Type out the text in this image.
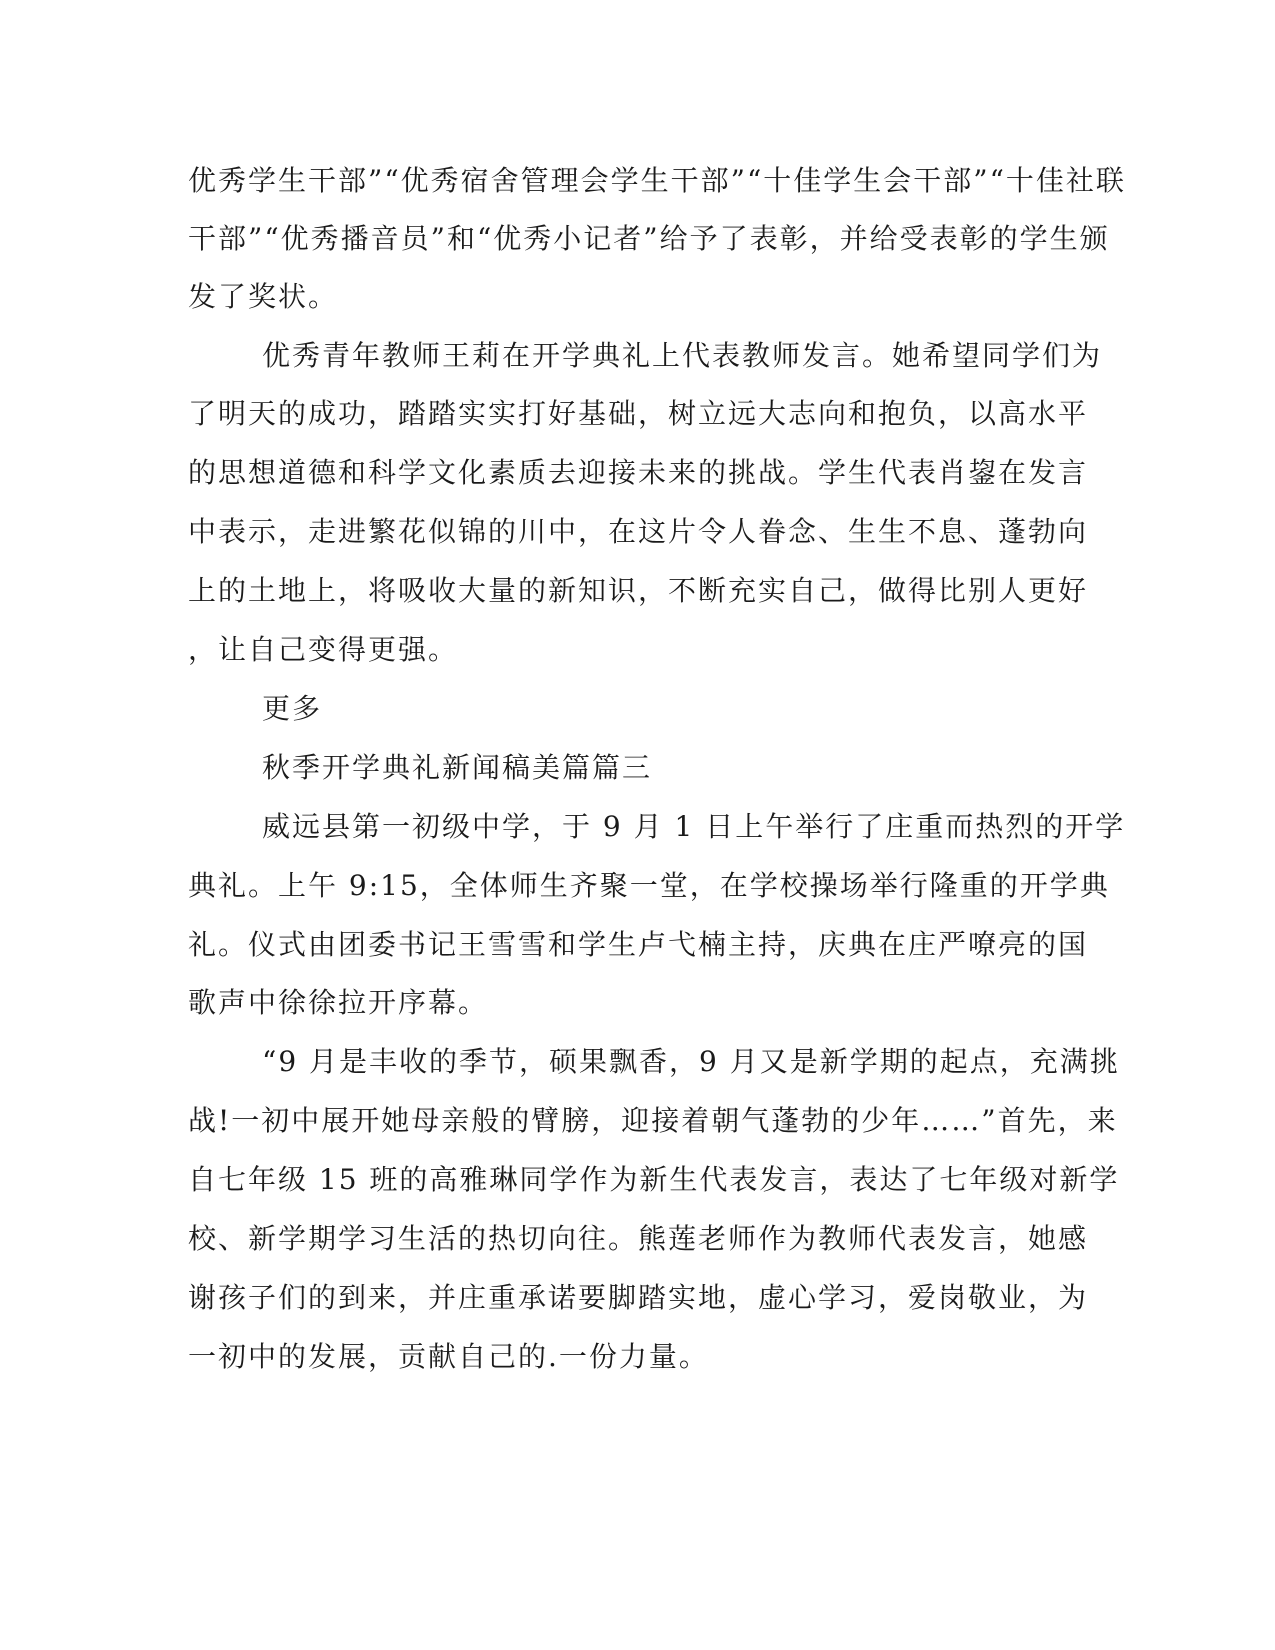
优秀学生干部”“优秀宿舍管理会学生干部”“十佳学生会干部”“十佳社联
干部”“优秀播音员”和“优秀小记者”给予了表彰，并给受表彰的学生颁
发了奖状。
优秀青年教师王莉在开学典礼上代表教师发言。她希望同学们为
了明天的成功，踏踏实实打好基础，树立远大志向和抱负，以高水平
的思想道德和科学文化素质去迎接未来的挑战。学生代表肖鋆在发言
中表示，走进繁花似锦的川中，在这片令人眷念、生生不息、蓬勃向
上的土地上，将吸收大量的新知识，不断充实自己，做得比别人更好
，让自己变得更强。
更多
秋季开学典礼新闻稿美篇篇三
威远县第一初级中学，于 9 月 1 日上午举行了庄重而热烈的开学
典礼。上午 9:15，全体师生齐聚一堂，在学校操场举行隆重的开学典
礼。仪式由团委书记王雪雪和学生卢弋楠主持，庆典在庄严嘹亮的国
歌声中徐徐拉开序幕。
“9 月是丰收的季节，硕果飘香，9 月又是新学期的起点，充满挑
战!一初中展开她母亲般的臂膀，迎接着朝气蓬勃的少年……”首先，来
自七年级 15 班的高雅琳同学作为新生代表发言，表达了七年级对新学
校、新学期学习生活的热切向往。熊莲老师作为教师代表发言，她感
谢孩子们的到来，并庄重承诺要脚踏实地，虚心学习，爱岗敬业，为
一初中的发展，贡献自己的.一份力量。
